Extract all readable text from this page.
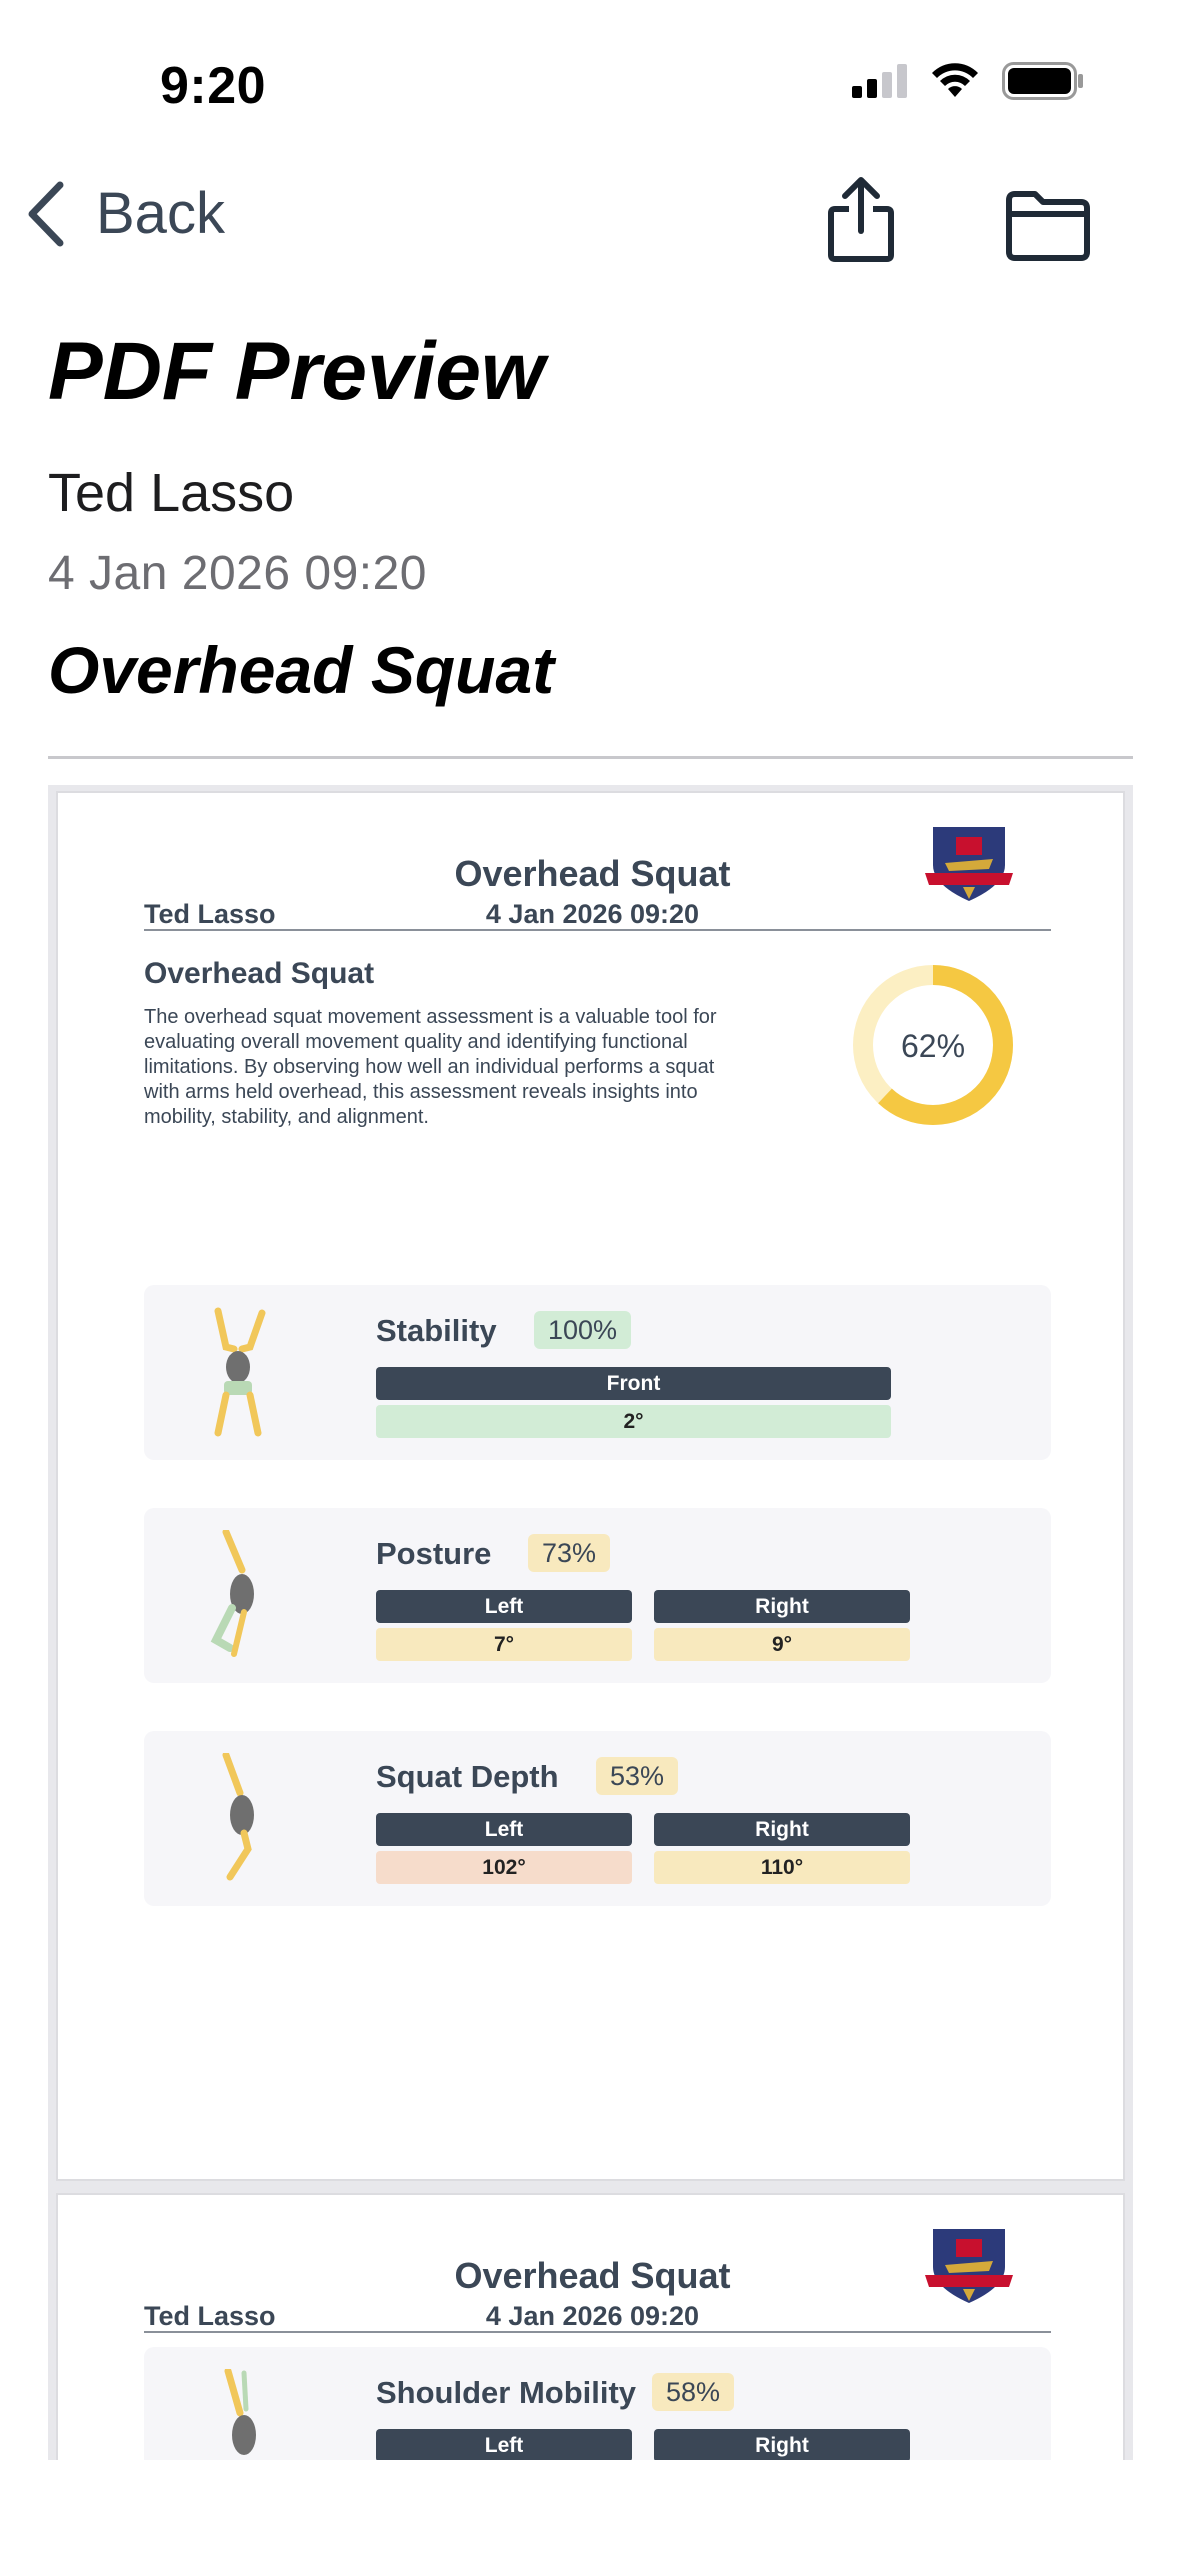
9:20
Back
PDF Preview
Ted Lasso
4 Jan 2026 09:20
Overhead Squat
Overhead Squat
Ted Lasso	4 Jan 2026 09:20
Overhead Squat
The overhead squat movement assessment is a valuable tool for evaluating overall movement quality and identifying functional limitations. By observing how well an individual performs a squat with arms held overhead, this assessment reveals insights into mobility, stability, and alignment.
62%
Stability	100%
Front
2°
Posture	73%
Left	Right
7°	9°
Squat Depth	53%
Left	Right
102°	110°
Overhead Squat
Ted Lasso	4 Jan 2026 09:20
Shoulder Mobility	58%
Left	Right
